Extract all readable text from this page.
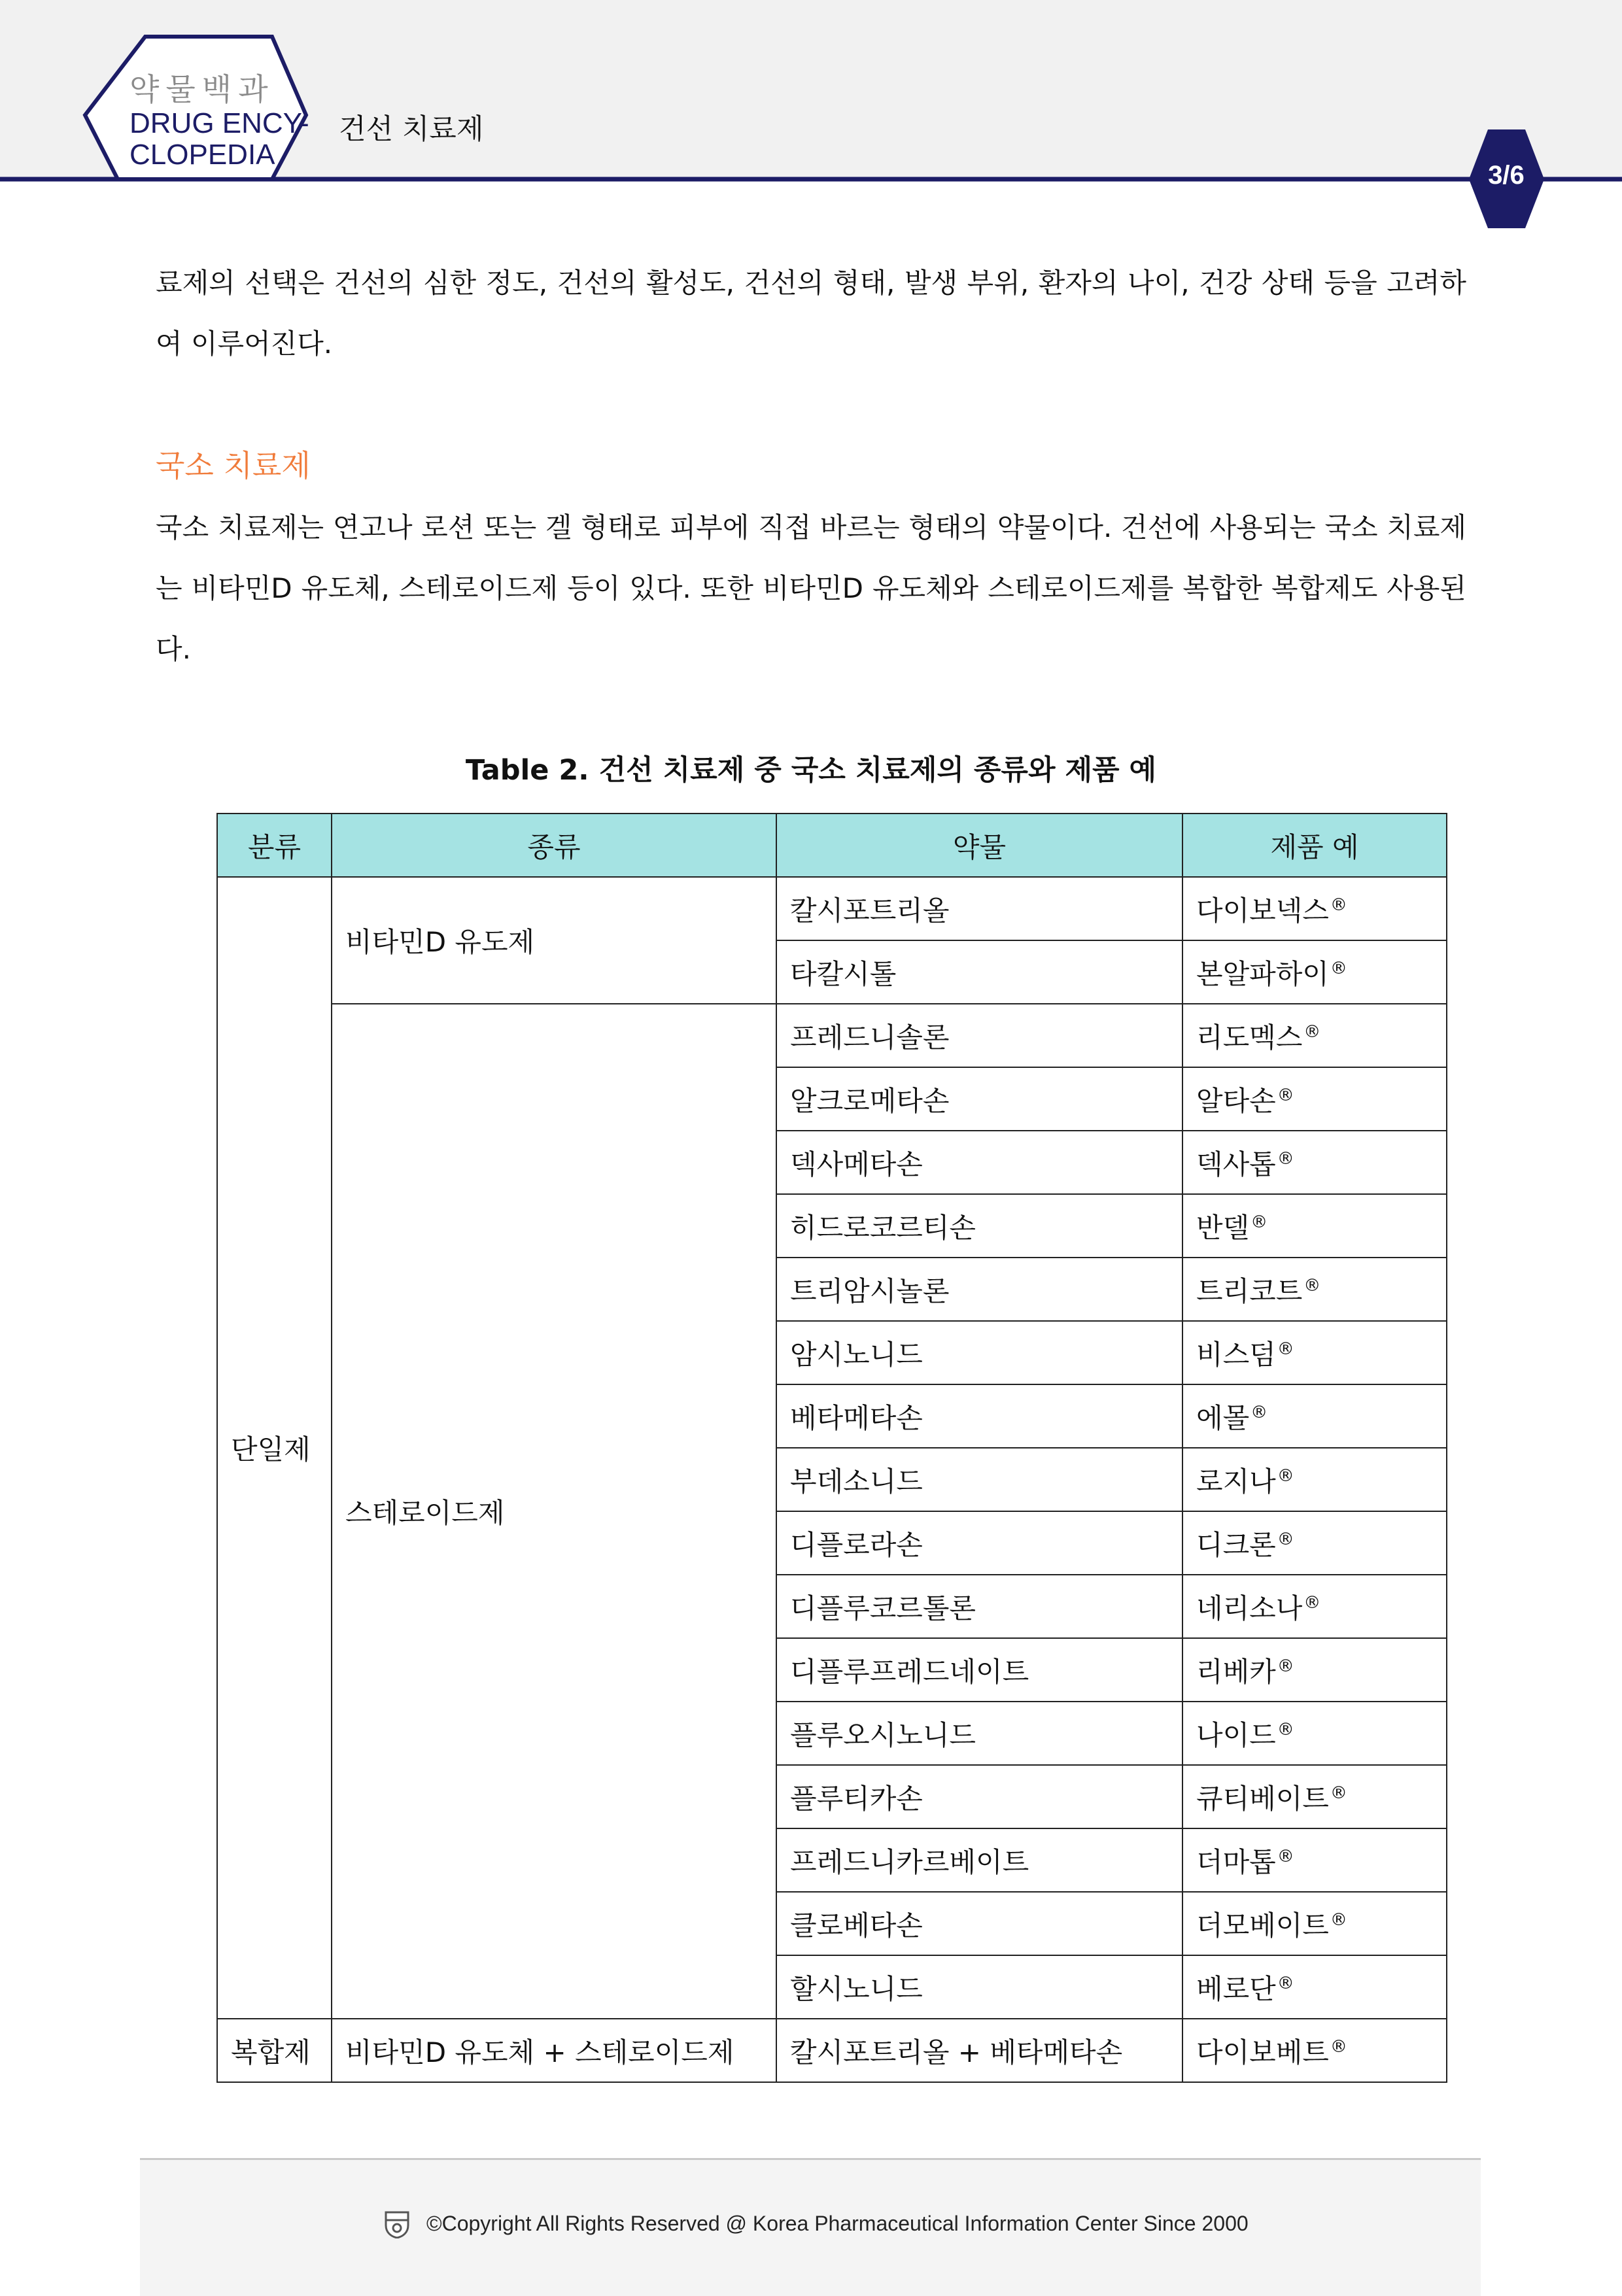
약물백과
DRUG ENCY-
CLOPEDIA
건선 치료제
3/6
료제의 선택은 건선의 심한 정도, 건선의 활성도, 건선의 형태, 발생 부위, 환자의 나이, 건강 상태 등을 고려하여 이루어진다.
국소 치료제
국소 치료제는 연고나 로션 또는 겔 형태로 피부에 직접 바르는 형태의 약물이다. 건선에 사용되는 국소 치료제는 비타민D 유도체, 스테로이드제 등이 있다. 또한 비타민D 유도체와 스테로이드제를 복합한 복합제도 사용된다.
Table 2. 건선 치료제 중 국소 치료제의 종류와 제품 예
분류	종류	약물	제품 예
단일제	비타민D 유도제	칼시포트리올	다이보넥스®
		타칼시톨	본알파하이®
	스테로이드제	프레드니솔론	리도멕스®
		알크로메타손	알타손®
		덱사메타손	덱사톱®
		히드로코르티손	반델®
		트리암시놀론	트리코트®
		암시노니드	비스덤®
		베타메타손	에몰®
		부데소니드	로지나®
		디플로라손	디크론®
		디플루코르톨론	네리소나®
		디플루프레드네이트	리베카®
		플루오시노니드	나이드®
		플루티카손	큐티베이트®
		프레드니카르베이트	더마톱®
		클로베타손	더모베이트®
		할시노니드	베로단®
복합제	비타민D 유도체 + 스테로이드제	칼시포트리올 + 베타메타손	다이보베트®
©Copyright All Rights Reserved @ Korea Pharmaceutical Information Center Since 2000
